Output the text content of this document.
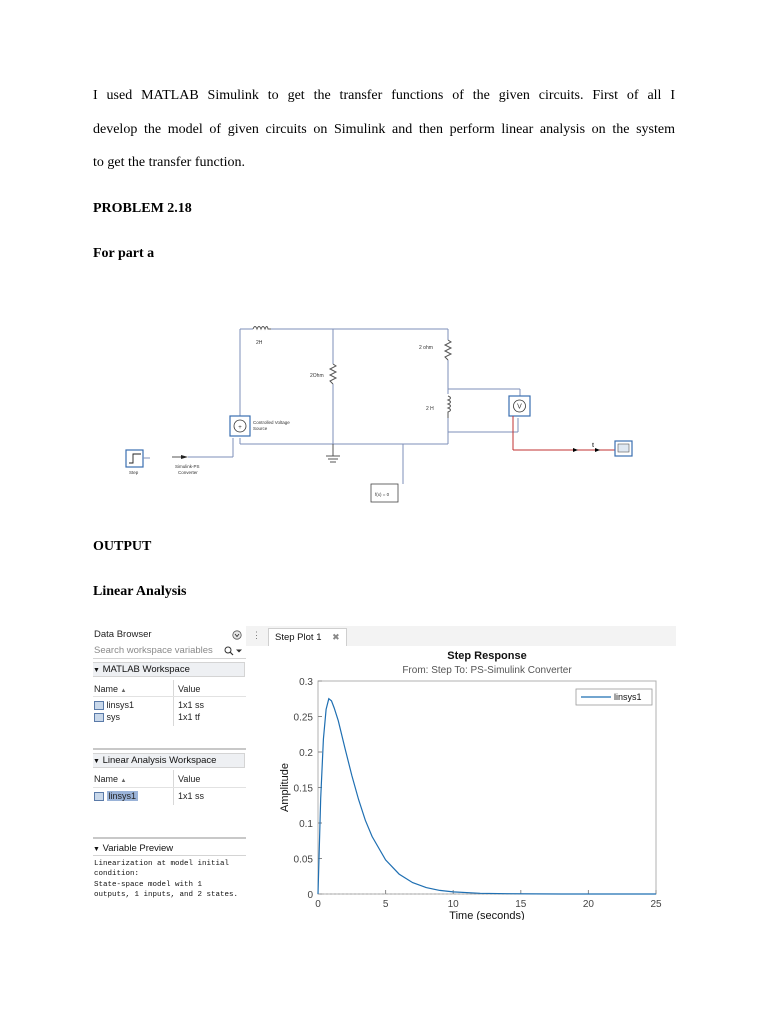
I used MATLAB Simulink to get the transfer functions of the given circuits. First of all I
develop the model of given circuits on Simulink and then perform linear analysis on the system
to get the transfer function.
PROBLEM 2.18
For part a
+
V
2H
2 ohm
2Ohm
2 H
Controlled Voltage
Source
Step
Simulink-PS
Converter
f(x) = 0
t
OUTPUT
Linear Analysis
Data Browser
Search workspace variables
▼ MATLAB Workspace
Name ▲	Value
linsys1	1x1 ss
sys	1x1 tf
▼ Linear Analysis Workspace
Name ▲	Value
linsys1	1x1 ss
▼ Variable Preview
Linearization at model initial
condition:
State-space model with 1
outputs, 1 inputs, and 2 states.
⋮	Step Plot 1 ✖
Step Response
From: Step To: PS-Simulink Converter
0
0.05
0.1
0.15
0.2
0.25
0.3
0	5	10	15	20	25
Time (seconds)
Amplitude
linsys1
